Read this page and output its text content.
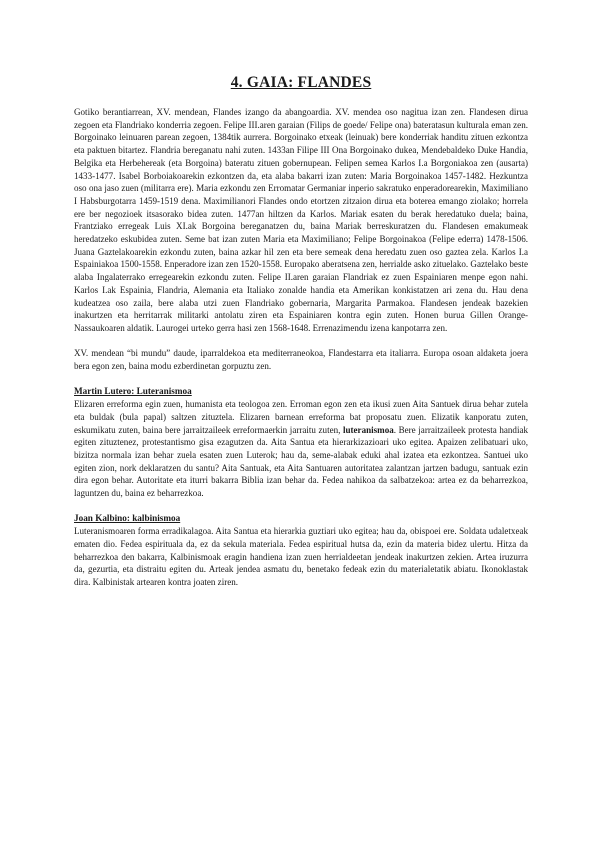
4. GAIA: FLANDES

Gotiko berantiarrean, XV. mendean, Flandes izango da abangoardia. XV. mendea oso nagitua izan zen. Flandesen dirua zegoen eta Flandriako konderria zegoen. Felipe III.aren garaian (Filips de goede/ Felipe ona) bateratasun kulturala eman zen. Borgoinako leinuaren parean zegoen, 1384tik aurrera. Borgoinako etxeak (leinuak) bere konderriak handitu zituen ezkontza eta paktuen bitartez. Flandria bereganatu nahi zuten. 1433an Filipe III Ona Borgoinako dukea, Mendebaldeko Duke Handia, Belgika eta Herbehereak (eta Borgoina) bateratu zituen gobernupean. Felipen semea Karlos I.a Borgoniakoa zen (ausarta) 1433-1477. Isabel Borboiakoarekin ezkontzen da, eta alaba bakarri izan zuten: Maria Borgoinakoa 1457-1482. Hezkuntza oso ona jaso zuen (militarra ere). Maria ezkondu zen Erromatar Germaniar inperio sakratuko enperadorearekin, Maximiliano I Habsburgotarra 1459-1519 dena. Maximilianori Flandes ondo etortzen zitzaion dirua eta boterea emango ziolako; horrela ere ber negozioek itsasorako bidea zuten. 1477an hiltzen da Karlos. Mariak esaten du berak heredatuko duela; baina, Frantziako erregeak Luis XI.ak Borgoina bereganatzen du, baina Mariak berreskuratzen du. Flandesen emakumeak heredatzeko eskubidea zuten. Seme bat izan zuten Maria eta Maximiliano; Felipe Borgoinakoa (Felipe ederra) 1478-1506. Juana Gaztelakoarekin ezkondu zuten, baina azkar hil zen eta bere semeak dena heredatu zuen oso gaztea zela. Karlos I.a Espainiakoa 1500-1558. Enperadore izan zen 1520-1558. Europako aberatsena zen, herrialde asko zituelako. Gaztelako beste alaba Ingalaterrako erregearekin ezkondu zuten. Felipe II.aren garaian Flandriak ez zuen Espainiaren menpe egon nahi. Karlos I.ak Espainia, Flandria, Alemania eta Italiako zonalde handia eta Amerikan konkistatzen ari zena du. Hau dena kudeatzea oso zaila, bere alaba utzi zuen Flandriako gobernaria, Margarita Parmakoa. Flandesen jendeak bazekien inakurtzen eta herritarrak militarki antolatu ziren eta Espainiaren kontra egin zuten. Honen buruа Gillen Orange-Nassaukoaren aldatik. Laurogei urteko gerra hasi zen 1568-1648. Errenazimendu izena kanpotarra zen.

XV. mendean “bi mundu” daude, iparraldekoa eta mediterraneokoa, Flandestarra eta italiarra. Europa osoan aldaketa joera bera egon zen, baina modu ezberdinetan gorpuztu zen.

Martin Lutero: Luteranismoa

Elizaren erreforma egin zuen, humanista eta teologoa zen. Erroman egon zen eta ikusi zuen Aita Santuek dirua behar zutela eta buldak (bula papal) saltzen zituztela. Elizaren barnean erreforma bat proposatu zuen. Elizatik kanporatu zuten, eskumikatu zuten, baina bere jarraitzaileek erreformaerkin jarraitu zuten, luteranismoa. Bere jarraitzaileek protesta handiak egiten zituztenez, protestantismo gisa ezagutzen da. Aita Santua eta hierarkizazioari uko egitea. Apaizen zelibatuari uko, bizitza normala izan behar zuela esaten zuen Luterok; hau da, seme-alabak eduki ahal izatea eta ezkontzea. Santuei uko egiten zion, nork deklaratzen du santu? Aita Santuak, eta Aita Santuaren autoritatea zalantzan jartzen badugu, santuak ezin dira egon behar. Autoritate eta iturri bakarra Biblia izan behar da. Fedea nahikoa da salbatzekoa: artea ez da beharrezkoa, laguntzen du, baina ez beharrezkoa.

Joan Kalbino: kalbinismoa

Luteranismoaren forma erradikalagoa. Aita Santua eta hierarkia guztiari uko egitea; hau da, obispoei ere. Soldata udaletxeak ematen dio. Fedea espirituala da, ez da sekula materiala. Fedea espiritual hutsa da, ezin da materia bidez ulertu. Hitza da beharrezkoa den bakarra, Kalbinismoak eragin handiena izan zuen herrialdeetan jendeak inakurtzen zekien. Artea iruzurra da, gezurtia, eta distraitu egiten du. Arteak jendea asmatu du, benetako fedeak ezin du materialetatik abiatu. Ikonoklastak dira. Kalbinistak artearen kontra joaten ziren.
